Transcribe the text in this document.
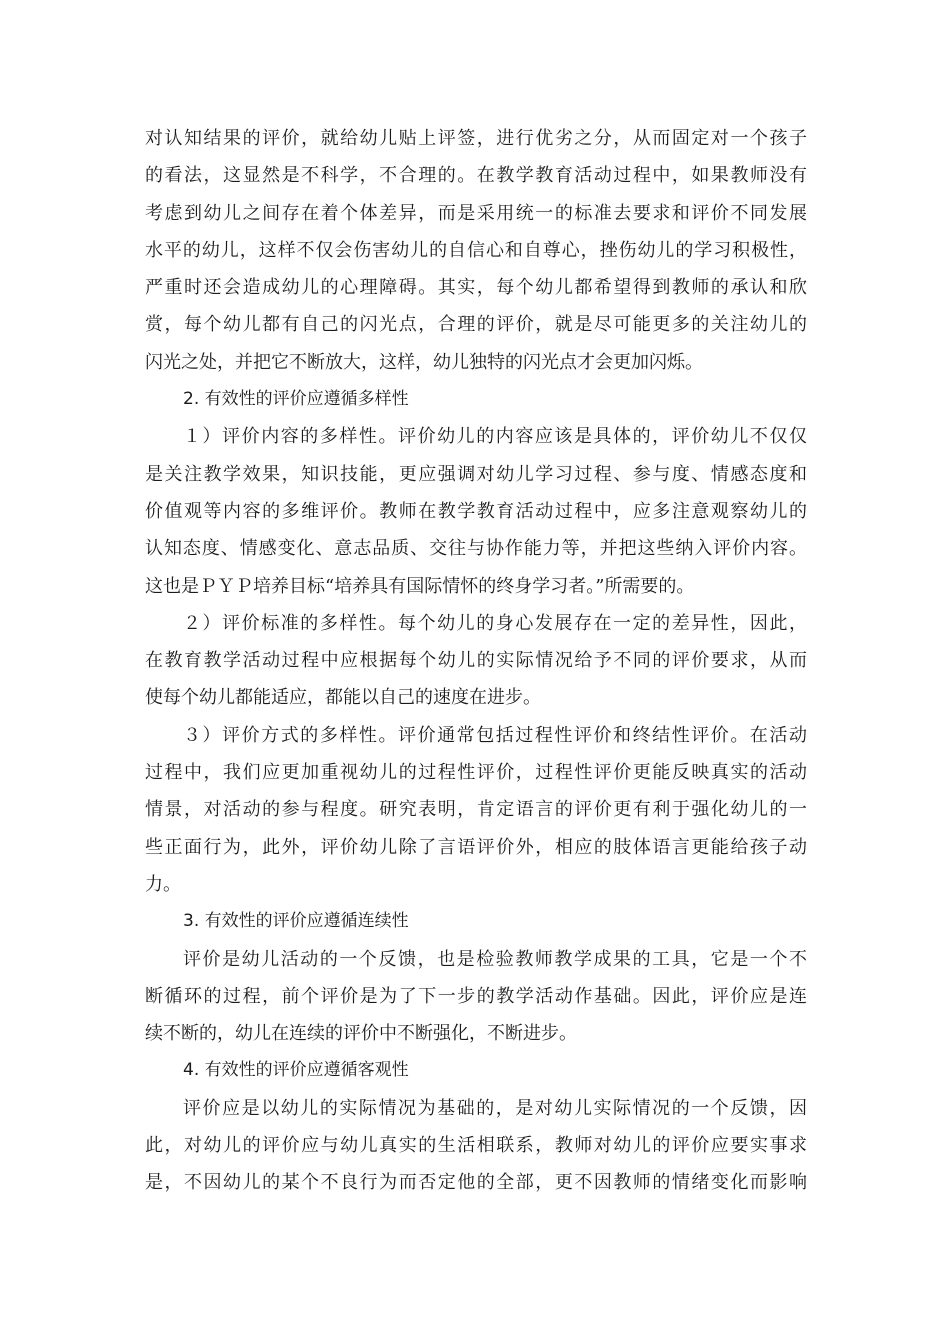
对认知结果的评价，就给幼儿贴上评签，进行优劣之分，从而固定对一个孩子
的看法，这显然是不科学，不合理的。在教学教育活动过程中，如果教师没有
考虑到幼儿之间存在着个体差异，而是采用统一的标准去要求和评价不同发展
水平的幼儿，这样不仅会伤害幼儿的自信心和自尊心，挫伤幼儿的学习积极性，
严重时还会造成幼儿的心理障碍。其实，每个幼儿都希望得到教师的承认和欣
赏，每个幼儿都有自己的闪光点，合理的评价，就是尽可能更多的关注幼儿的
闪光之处，并把它不断放大，这样，幼儿独特的闪光点才会更加闪烁。
2. 有效性的评价应遵循多样性
１）评价内容的多样性。评价幼儿的内容应该是具体的，评价幼儿不仅仅
是关注教学效果，知识技能，更应强调对幼儿学习过程、参与度、情感态度和
价值观等内容的多维评价。教师在教学教育活动过程中，应多注意观察幼儿的
认知态度、情感变化、意志品质、交往与协作能力等，并把这些纳入评价内容。
这也是ＰＹＰ培养目标“培养具有国际情怀的终身学习者。”所需要的。
２）评价标准的多样性。每个幼儿的身心发展存在一定的差异性，因此，
在教育教学活动过程中应根据每个幼儿的实际情况给予不同的评价要求，从而
使每个幼儿都能适应，都能以自己的速度在进步。
３）评价方式的多样性。评价通常包括过程性评价和终结性评价。在活动
过程中，我们应更加重视幼儿的过程性评价，过程性评价更能反映真实的活动
情景，对活动的参与程度。研究表明，肯定语言的评价更有利于强化幼儿的一
些正面行为，此外，评价幼儿除了言语评价外，相应的肢体语言更能给孩子动
力。
3. 有效性的评价应遵循连续性
评价是幼儿活动的一个反馈，也是检验教师教学成果的工具，它是一个不
断循环的过程，前个评价是为了下一步的教学活动作基础。因此，评价应是连
续不断的，幼儿在连续的评价中不断强化，不断进步。
4. 有效性的评价应遵循客观性
评价应是以幼儿的实际情况为基础的，是对幼儿实际情况的一个反馈，因
此，对幼儿的评价应与幼儿真实的生活相联系，教师对幼儿的评价应要实事求
是，不因幼儿的某个不良行为而否定他的全部，更不因教师的情绪变化而影响
